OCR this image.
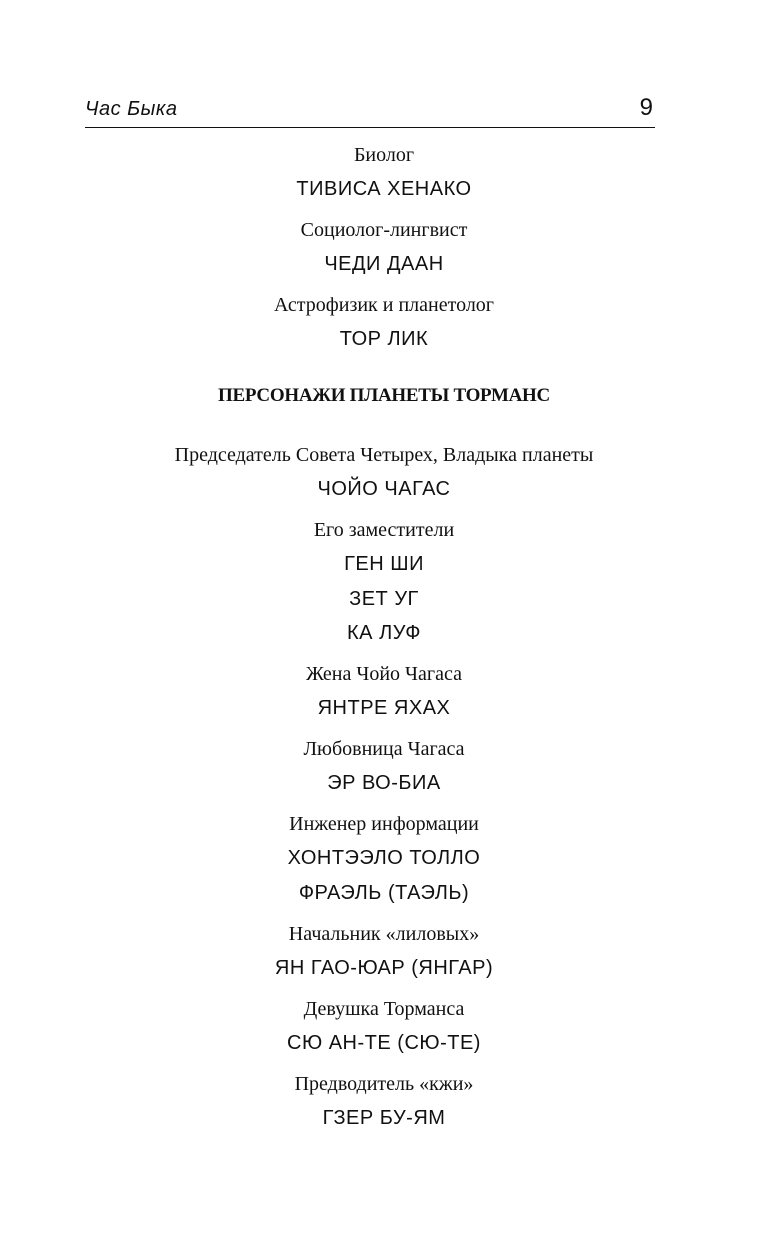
Час Быка	9
Биолог
ТИВИСА ХЕНАКО
Социолог-лингвист
ЧЕДИ ДААН
Астрофизик и планетолог
ТОР ЛИК
ПЕРСОНАЖИ ПЛАНЕТЫ ТОРМАНС
Председатель Совета Четырех, Владыка планеты
ЧОЙО ЧАГАС
Его заместители
ГЕН ШИ
ЗЕТ УГ
КА ЛУФ
Жена Чойо Чагаса
ЯНТРЕ ЯХАХ
Любовница Чагаса
ЭР ВО-БИА
Инженер информации
ХОНТЭЭЛО ТОЛЛО
ФРАЭЛЬ (ТАЭЛЬ)
Начальник «лиловых»
ЯН ГАО-ЮАР (ЯНГАР)
Девушка Торманса
СЮ АН-ТЕ (СЮ-ТЕ)
Предводитель «кжи»
ГЗЕР БУ-ЯМ
